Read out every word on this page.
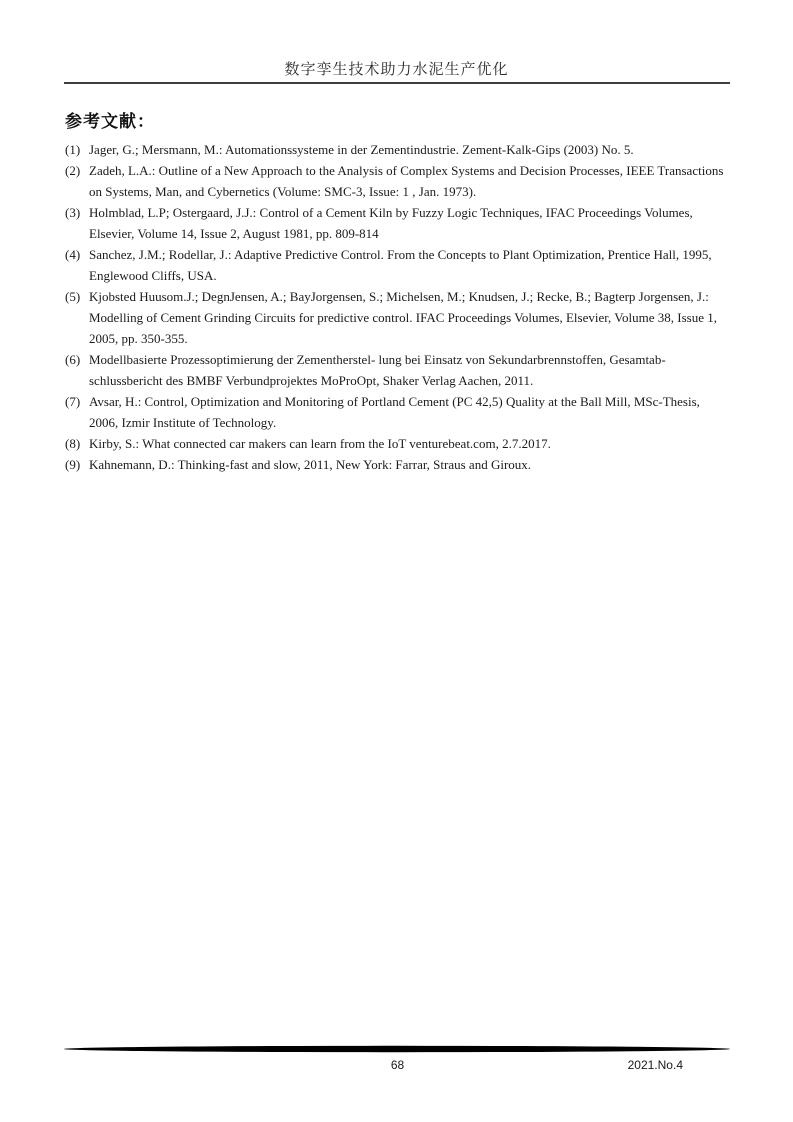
数字孪生技术助力水泥生产优化
参考文献：
(1) Jager, G.; Mersmann, M.: Automationssysteme in der Zementindustrie. Zement-Kalk-Gips (2003) No. 5.
(2) Zadeh, L.A.: Outline of a New Approach to the Analysis of Complex Systems and Decision Processes, IEEE Transactions on Systems, Man, and Cybernetics (Volume: SMC-3, Issue: 1 , Jan. 1973).
(3) Holmblad, L.P; Ostergaard, J.J.: Control of a Cement Kiln by Fuzzy Logic Techniques, IFAC Proceedings Volumes, Elsevier, Volume 14, Issue 2, August 1981, pp. 809-814
(4) Sanchez, J.M.; Rodellar, J.: Adaptive Predictive Control. From the Concepts to Plant Optimization, Prentice Hall, 1995, Englewood Cliffs, USA.
(5) Kjobsted Huusom.J.; DegnJensen, A.; BayJorgensen, S.; Michelsen, M.; Knudsen, J.; Recke, B.; Bagterp Jorgensen, J.: Modelling of Cement Grinding Circuits for predictive control. IFAC Proceedings Volumes, Elsevier, Volume 38, Issue 1, 2005, pp. 350-355.
(6) Modellbasierte Prozessoptimierung der Zementherstel- lung bei Einsatz von Sekundarbrennstoffen, Gesamtab-schlussbericht des BMBF Verbundprojektes MoProOpt, Shaker Verlag Aachen, 2011.
(7) Avsar, H.: Control, Optimization and Monitoring of Portland Cement (PC 42,5) Quality at the Ball Mill, MSc-Thesis, 2006, Izmir Institute of Technology.
(8) Kirby, S.: What connected car makers can learn from the IoT venturebeat.com, 2.7.2017.
(9) Kahnemann, D.: Thinking-fast and slow, 2011, New York: Farrar, Straus and Giroux.
68	2021.No.4
